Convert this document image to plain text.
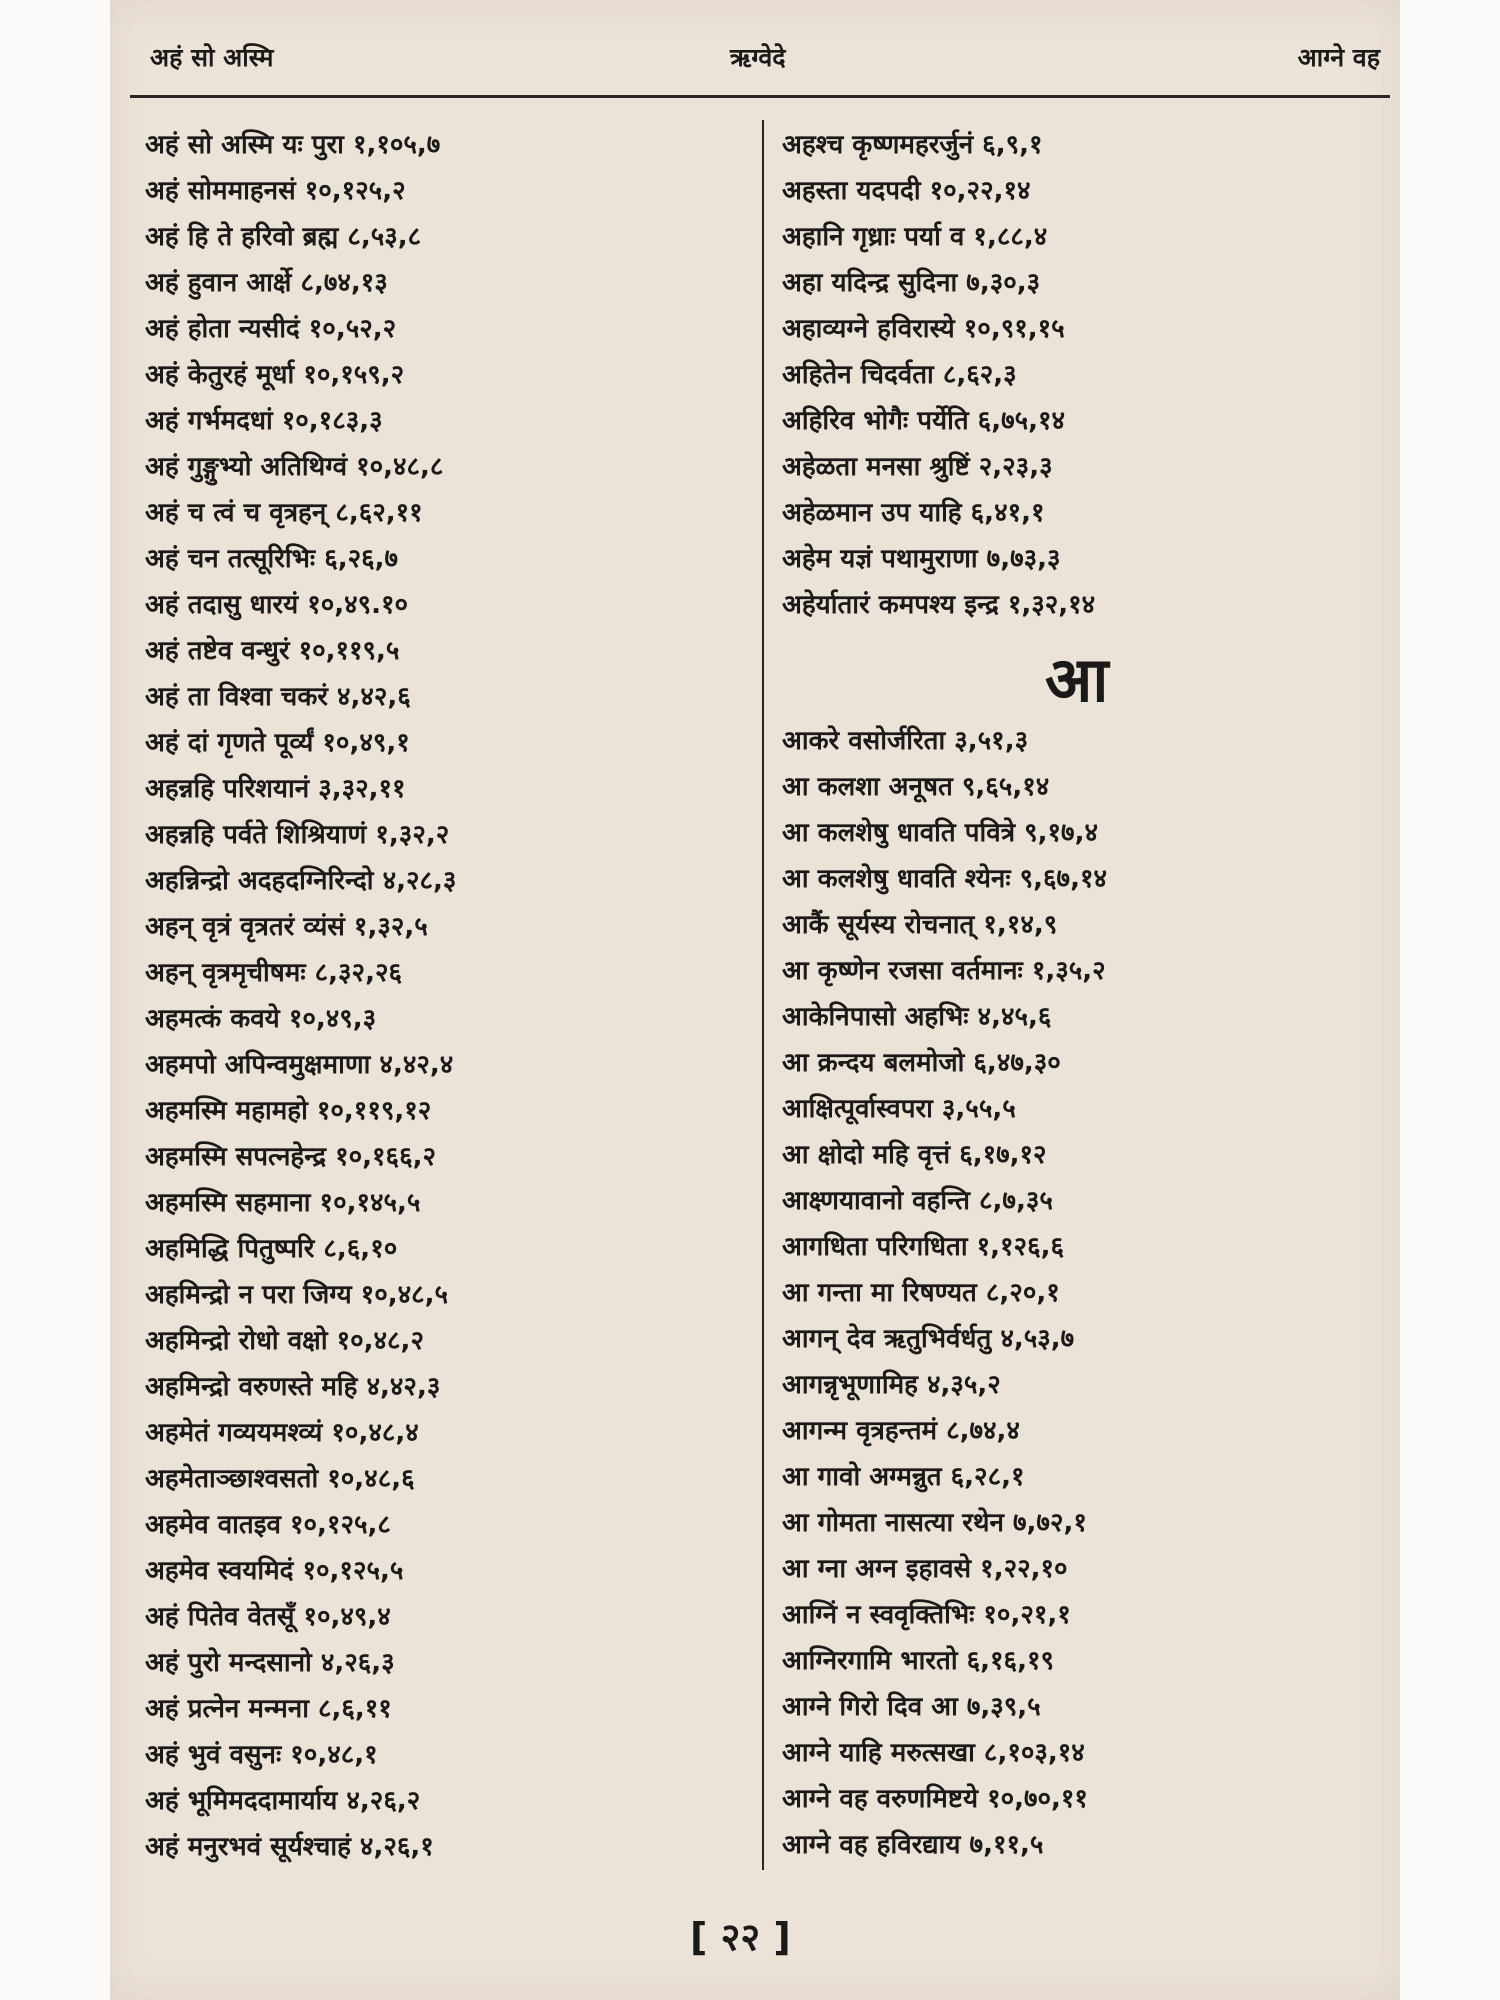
अहं सो अस्मि	ऋग्वेदे	आग्ने वह
अहं सो अस्मि यः पुरा १,१०५,७
अहं सोममाहनसं १०,१२५,२
अहं हि ते हरिवो ब्रह्म ८,५३,८
अहं हुवान आर्क्षे ८,७४,१३
अहं होता न्यसीदं १०,५२,२
अहं केतुरहं मूर्धा १०,१५९,२
अहं गर्भमदधां १०,१८३,३
अहं गुङ्गुभ्यो अतिथिग्वं १०,४८,८
अहं च त्वं च वृत्रहन् ८,६२,११
अहं चन तत्सूरिभिः ६,२६,७
अहं तदासु धारयं १०,४९.१०
अहं तष्टेव वन्धुरं १०,११९,५
अहं ता विश्वा चकरं ४,४२,६
अहं दां गृणते पूर्व्यं १०,४९,१
अहन्नहि परिशयानं ३,३२,११
अहन्नहि पर्वते शिश्रियाणं १,३२,२
अहन्निन्द्रो अदहदग्निरिन्दो ४,२८,३
अहन् वृत्रं वृत्रतरं व्यंसं १,३२,५
अहन् वृत्रमृचीषमः ८,३२,२६
अहमत्कं कवये १०,४९,३
अहमपो अपिन्वमुक्षमाणा ४,४२,४
अहमस्मि महामहो १०,११९,१२
अहमस्मि सपत्नहेन्द्र १०,१६६,२
अहमस्मि सहमाना १०,१४५,५
अहमिद्धि पितुष्परि ८,६,१०
अहमिन्द्रो न परा जिग्य १०,४८,५
अहमिन्द्रो रोधो वक्षो १०,४८,२
अहमिन्द्रो वरुणस्ते महि ४,४२,३
अहमेतं गव्ययमश्व्यं १०,४८,४
अहमेताञ्छाश्वसतो १०,४८,६
अहमेव वातइव १०,१२५,८
अहमेव स्वयमिदं १०,१२५,५
अहं पितेव वेतसूँ १०,४९,४
अहं पुरो मन्दसानो ४,२६,३
अहं प्रत्नेन मन्मना ८,६,११
अहं भुवं वसुनः १०,४८,१
अहं भूमिमददामार्याय ४,२६,२
अहं मनुरभवं सूर्यश्चाहं ४,२६,१
अहश्च कृष्णमहरर्जुनं ६,९,१
अहस्ता यदपदी १०,२२,१४
अहानि गृध्राः पर्या व १,८८,४
अहा यदिन्द्र सुदिना ७,३०,३
अहाव्यग्ने हविरास्ये १०,९१,१५
अहितेन चिदर्वता ८,६२,३
अहिरिव भोगैः पर्येति ६,७५,१४
अहेळता मनसा श्रुष्टिं २,२३,३
अहेळमान उप याहि ६,४१,१
अहेम यज्ञं पथामुराणा ७,७३,३
अहेर्यातारं कमपश्य इन्द्र १,३२,१४
आ
आकरे वसोर्जरिता ३,५१,३
आ कलशा अनूषत ९,६५,१४
आ कलशेषु धावति पवित्रे ९,१७,४
आ कलशेषु धावति श्येनः ९,६७,१४
आकैं सूर्यस्य रोचनात् १,१४,९
आ कृष्णेन रजसा वर्तमानः १,३५,२
आकेनिपासो अहभिः ४,४५,६
आ क्रन्दय बलमोजो ६,४७,३०
आक्षित्पूर्वास्वपरा ३,५५,५
आ क्षोदो महि वृत्तं ६,१७,१२
आक्ष्णयावानो वहन्ति ८,७,३५
आगधिता परिगधिता १,१२६,६
आ गन्ता मा रिषण्यत ८,२०,१
आगन् देव ऋतुभिर्वर्धतु ४,५३,७
आगन्नृभूणामिह ४,३५,२
आगन्म वृत्रहन्तमं ८,७४,४
आ गावो अग्मन्नुत ६,२८,१
आ गोमता नासत्या रथेन ७,७२,१
आ ग्ना अग्न इहावसे १,२२,१०
आग्निं न स्ववृक्तिभिः १०,२१,१
आग्निरगामि भारतो ६,१६,१९
आग्ने गिरो दिव आ ७,३९,५
आग्ने याहि मरुत्सखा ८,१०३,१४
आग्ने वह वरुणमिष्टये १०,७०,११
आग्ने वह हविरद्याय ७,११,५
[ २२ ]
